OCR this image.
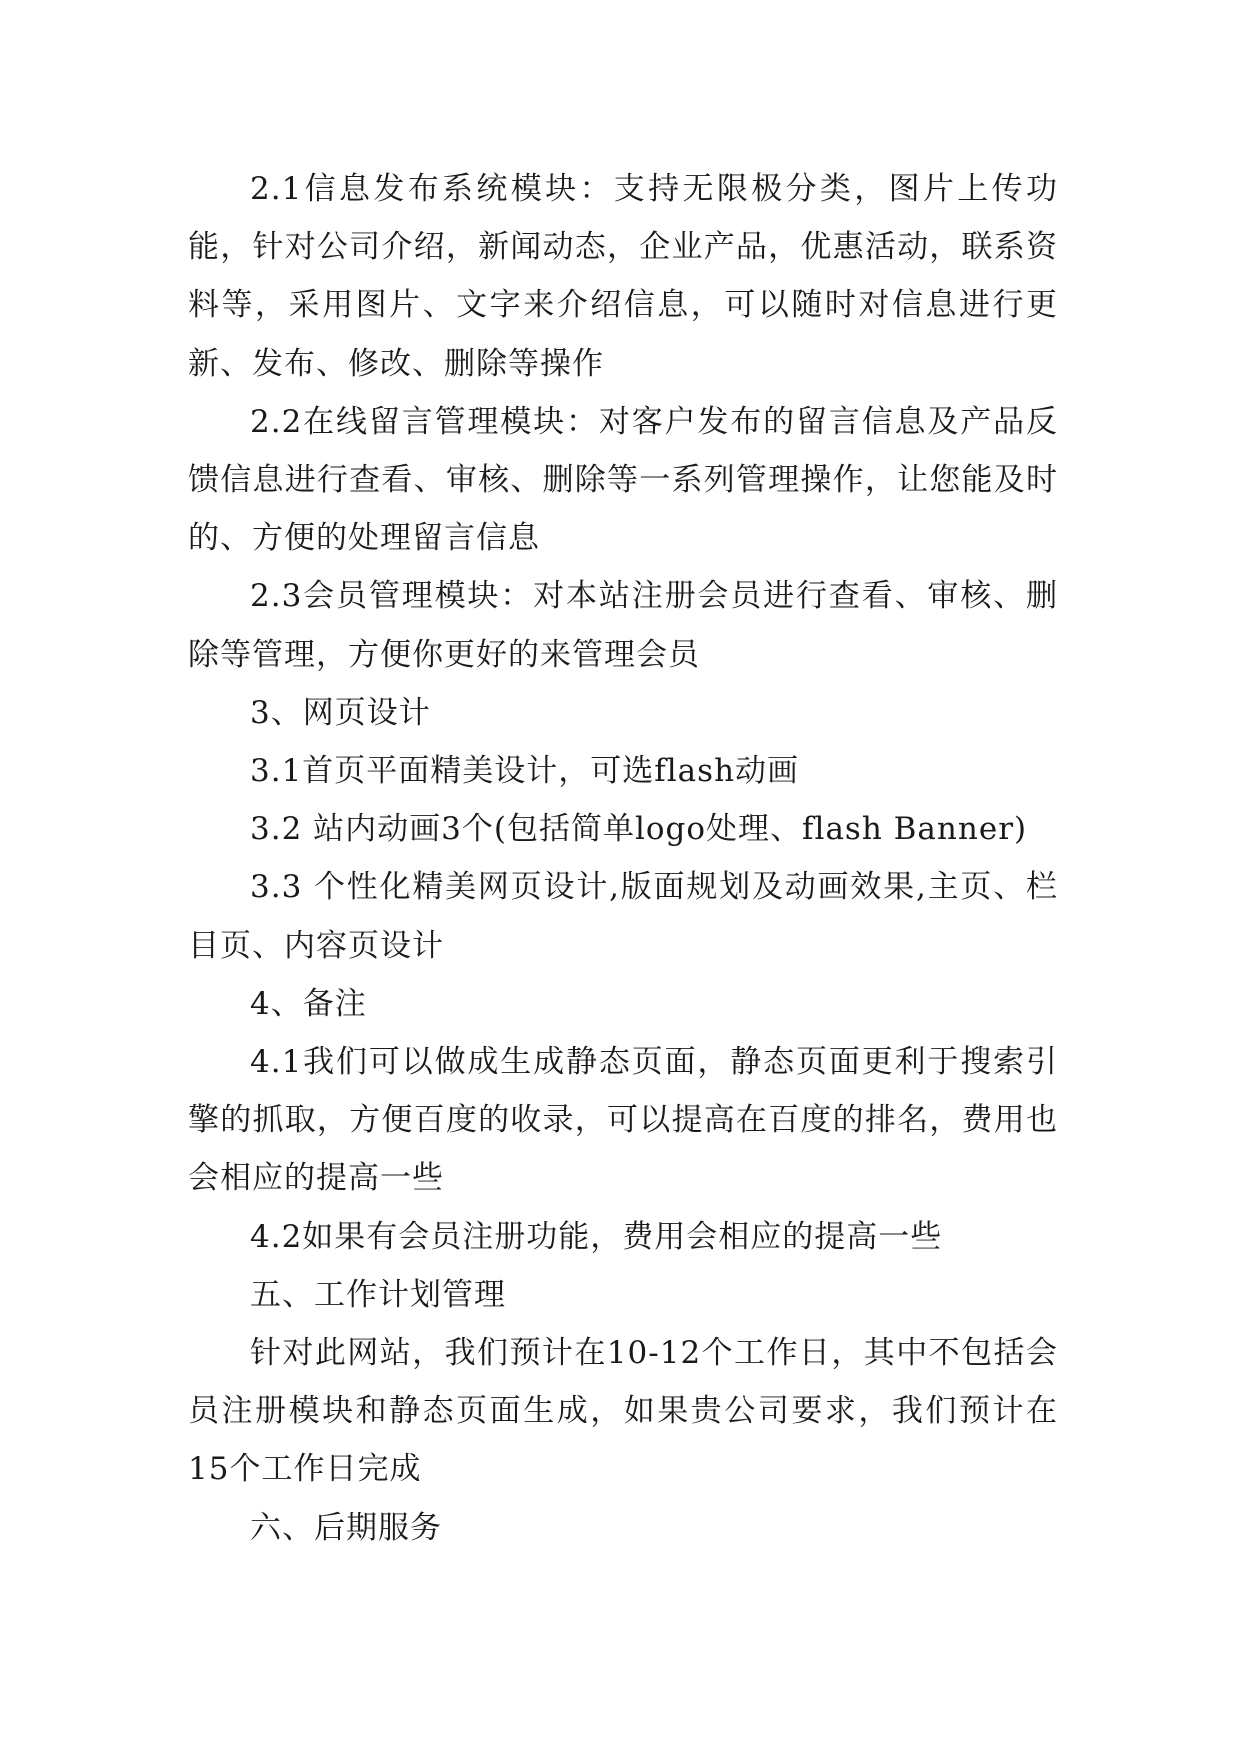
2.1信息发布系统模块：支持无限极分类，图片上传功能，针对公司介绍，新闻动态，企业产品，优惠活动，联系资料等，采用图片、文字来介绍信息，可以随时对信息进行更新、发布、修改、删除等操作

2.2在线留言管理模块：对客户发布的留言信息及产品反馈信息进行查看、审核、删除等一系列管理操作，让您能及时的、方便的处理留言信息

2.3会员管理模块：对本站注册会员进行查看、审核、删除等管理，方便你更好的来管理会员

3、网页设计

3.1首页平面精美设计，可选flash动画

3.2 站内动画3个(包括简单logo处理、flash Banner)

3.3 个性化精美网页设计,版面规划及动画效果,主页、栏目页、内容页设计

4、备注

4.1我们可以做成生成静态页面，静态页面更利于搜索引擎的抓取，方便百度的收录，可以提高在百度的排名，费用也会相应的提高一些

4.2如果有会员注册功能，费用会相应的提高一些

五、工作计划管理

针对此网站，我们预计在10-12个工作日，其中不包括会员注册模块和静态页面生成，如果贵公司要求，我们预计在15个工作日完成

六、后期服务
